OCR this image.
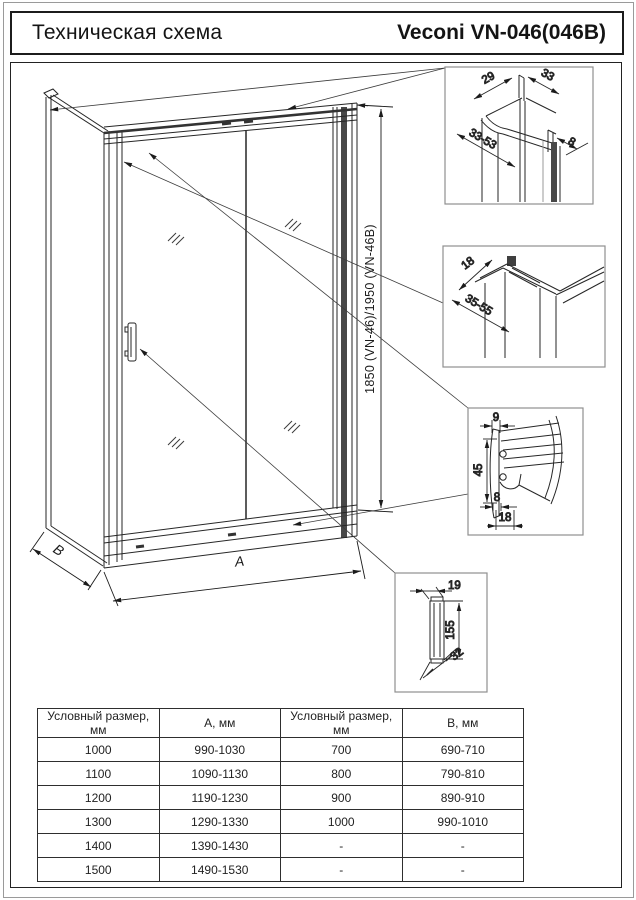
Техническая схема	Veconi VN-046(046B)
1850 (VN-46)/1950 (VN-46B)
A
B
29	33
33-53	8
18
35-55
9
45
8
18
19
155
32
Условный размер, мм	А, мм	Условный размер, мм	В, мм
1000	990-1030	700	690-710
1100	1090-1130	800	790-810
1200	1190-1230	900	890-910
1300	1290-1330	1000	990-1010
1400	1390-1430	-	-
1500	1490-1530	-	-
